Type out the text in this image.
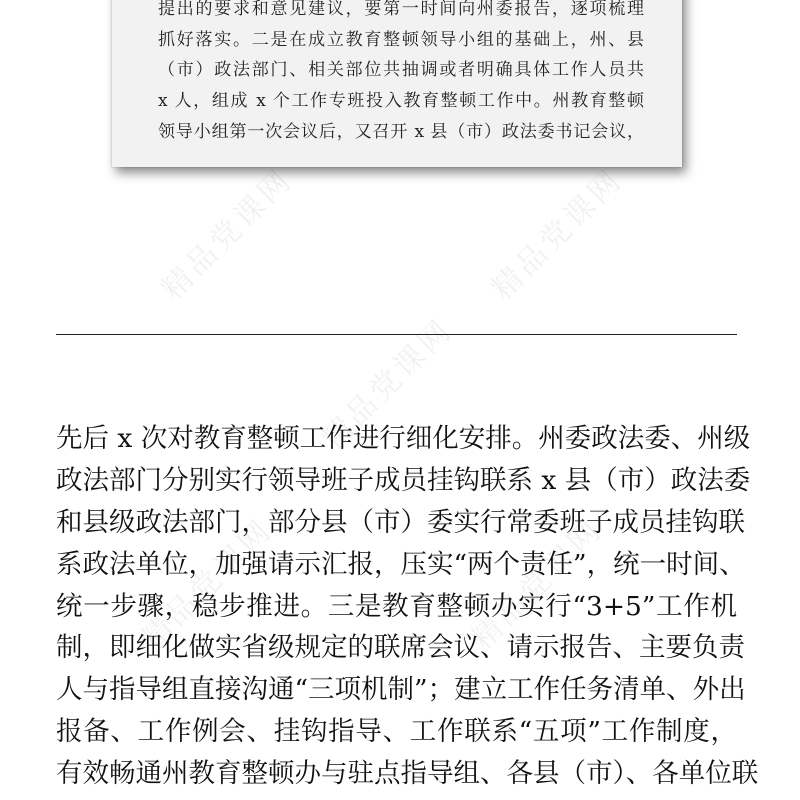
精品党课网	精品党课网
精品党课网
精品党课网	精品党课网
提出的要求和意见建议，要第一时间向州委报告，逐项梳理
抓好落实。二是在成立教育整顿领导小组的基础上，州、县
（市）政法部门、相关部位共抽调或者明确具体工作人员共
x 人，组成 x 个工作专班投入教育整顿工作中。州教育整顿
领导小组第一次会议后，又召开 x 县（市）政法委书记会议，
先后 x 次对教育整顿工作进行细化安排。州委政法委、州级
政法部门分别实行领导班子成员挂钩联系 x 县（市）政法委
和县级政法部门，部分县（市）委实行常委班子成员挂钩联
系政法单位，加强请示汇报，压实“两个责任”，统一时间、
统一步骤，稳步推进。三是教育整顿办实行“3+5”工作机
制，即细化做实省级规定的联席会议、请示报告、主要负责
人与指导组直接沟通“三项机制”；建立工作任务清单、外出
报备、工作例会、挂钩指导、工作联系“五项”工作制度，
有效畅通州教育整顿办与驻点指导组、各县（市）、各单位联
